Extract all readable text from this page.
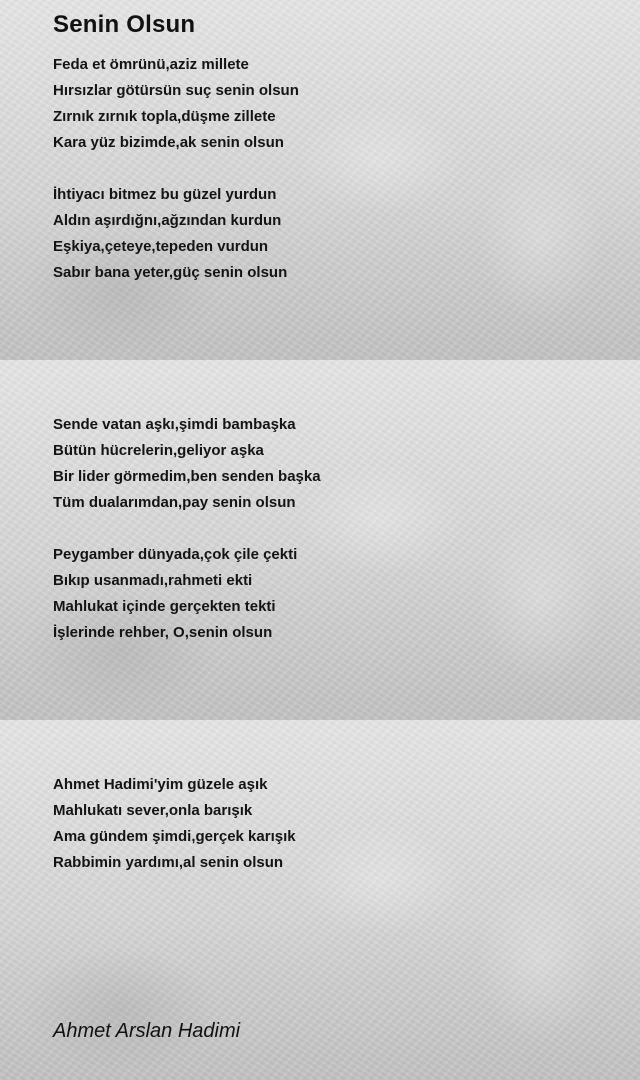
Senin Olsun
Feda et ömrünü,aziz millete
Hırsızlar götürsün suç senin olsun
Zırnık zırnık topla,düşme zillete
Kara yüz bizimde,ak senin olsun
İhtiyacı bitmez bu güzel yurdun
Aldın aşırdığnı,ağzından kurdun
Eşkiya,çeteye,tepeden vurdun
Sabır bana yeter,güç senin olsun
Sende vatan aşkı,şimdi bambaşka
Bütün hücrelerin,geliyor aşka
Bir lider görmedim,ben senden başka
Tüm dualarımdan,pay senin olsun
Peygamber dünyada,çok çile çekti
Bıkıp usanmadı,rahmeti ekti
Mahlukat içinde gerçekten tekti
İşlerinde rehber, O,senin olsun
Ahmet Hadimi'yim güzele aşık
Mahlukatı sever,onla barışık
Ama gündem şimdi,gerçek karışık
Rabbimin yardımı,al senin olsun
Ahmet Arslan Hadimi
